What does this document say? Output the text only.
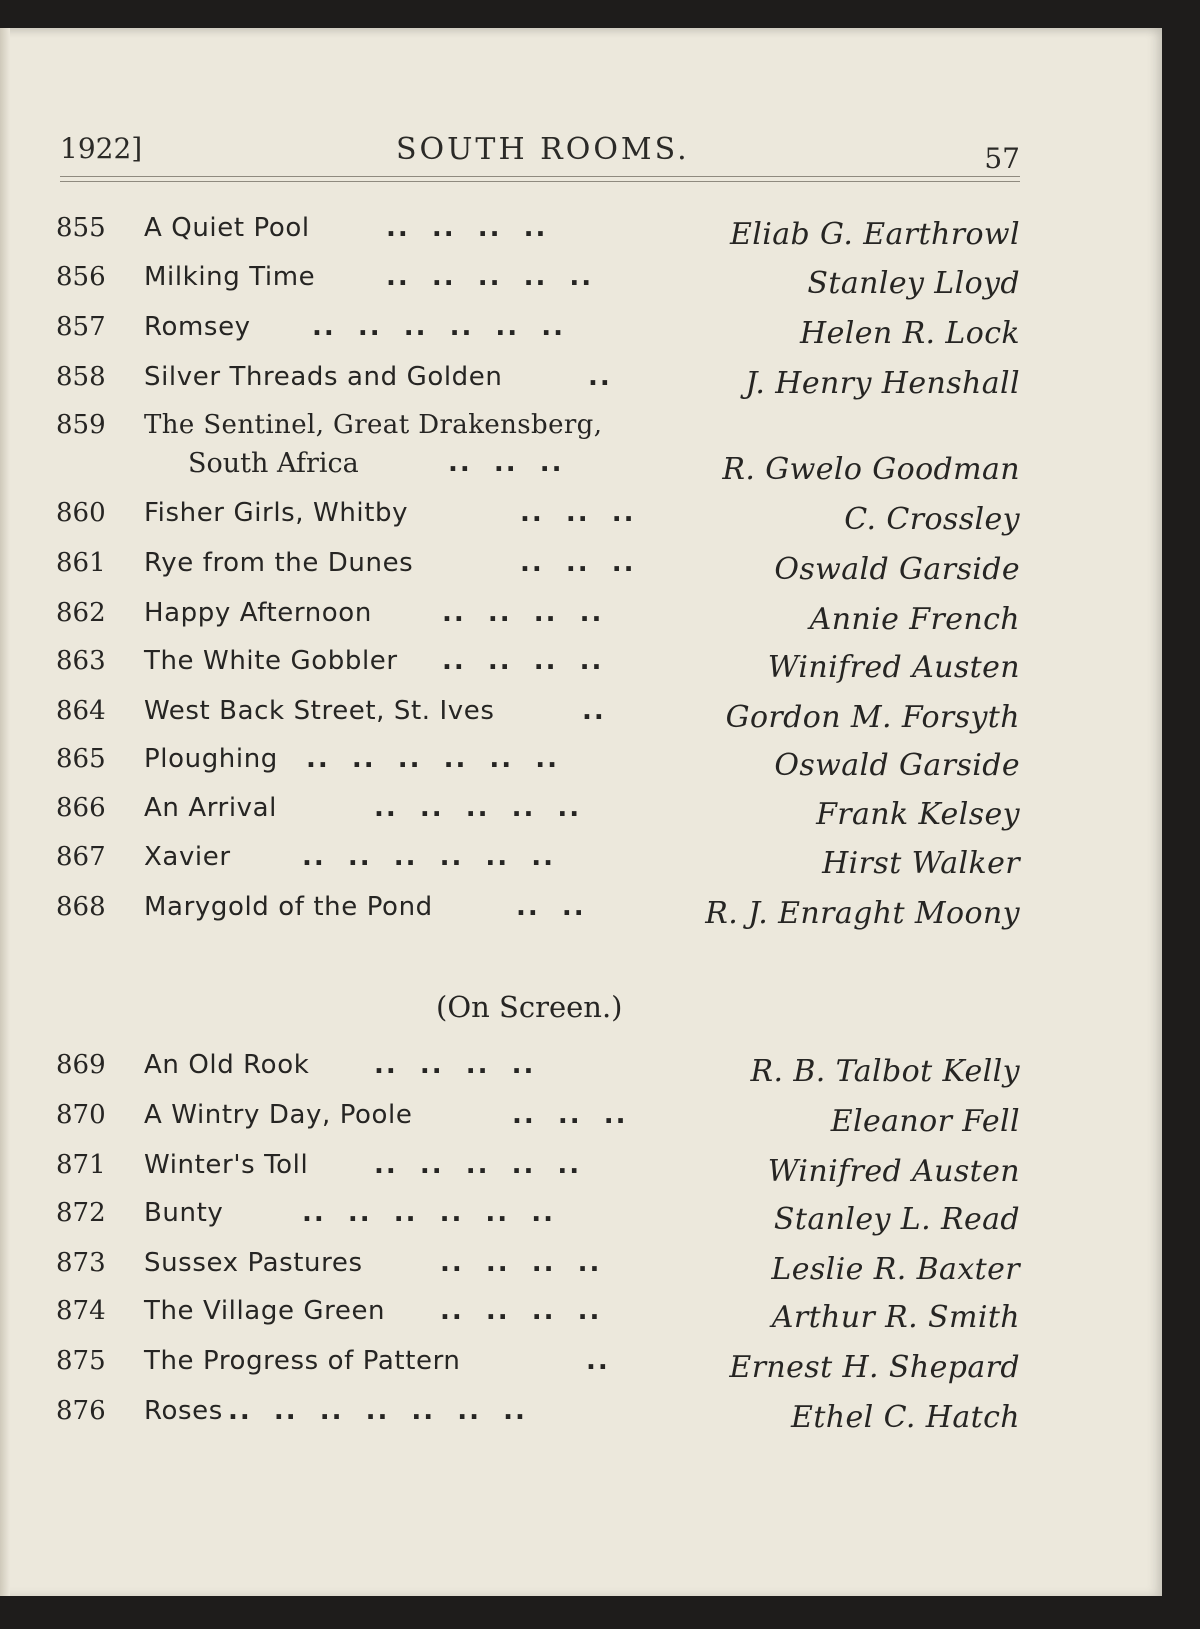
1922]	SOUTH ROOMS.	57
855 A Quiet Pool	..  ..  ..  ..	Eliab G. Earthrowl
856 Milking Time	..  ..  ..  ..  ..	Stanley Lloyd
857 Romsey ..  ..  ..  ..  ..  ..	Helen R. Lock
858 Silver Threads and Golden	..	J. Henry Henshall
859 The Sentinel, Great Drakensberg,
South Africa	..  ..  ..	R. Gwelo Goodman
860 Fisher Girls, Whitby	..  ..  ..	C. Crossley
861 Rye from the Dunes	..  ..  ..	Oswald Garside
862 Happy Afternoon	..  ..  ..  ..	Annie French
863 The White Gobbler ..  ..  ..  ..	Winifred Austen
864 West Back Street, St. Ives	..	Gordon M. Forsyth
865 Ploughing ..  ..  ..  ..  ..  ..	Oswald Garside
866 An Arrival	..  ..  ..  ..  ..	Frank Kelsey
867 Xavier	..  ..  ..  ..  ..  ..	Hirst Walker
868 Marygold of the Pond	..  ..	R. J. Enraght Moony
(On Screen.)
869 An Old Rook ..  ..  ..  ..	R. B. Talbot Kelly
870 A Wintry Day, Poole	..  ..  ..	Eleanor Fell
871 Winter's Toll	..  ..  ..  ..  ..	Winifred Austen
872 Bunty	..  ..  ..  ..  ..  ..	Stanley L. Read
873 Sussex Pastures	..  ..  ..  ..	Leslie R. Baxter
874 The Village Green ..  ..  ..  ..	Arthur R. Smith
875 The Progress of Pattern	..	Ernest H. Shepard
876 Roses ..  ..  ..  ..  ..  ..  ..	Ethel C. Hatch
